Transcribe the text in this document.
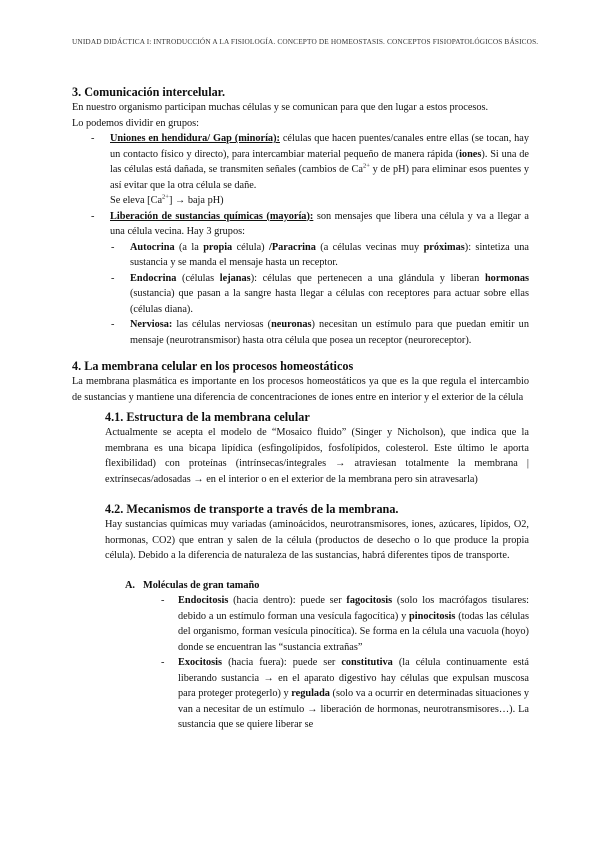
UNIDAD DIDÁCTICA I: INTRODUCCIÓN A LA FISIOLOGÍA. CONCEPTO DE HOMEOSTASIS. CONCEPTOS FISIOPATOLÓGICOS BÁSICOS.
3. Comunicación intercelular.

En nuestro organismo participan muchas células y se comunican para que den lugar a estos procesos.
Lo podemos dividir en grupos:

- Uniones en hendidura/ Gap (minoría): células que hacen puentes/canales entre ellas (se tocan, hay un contacto físico y directo), para intercambiar material pequeño de manera rápida (iones). Si una de las células está dañada, se transmiten señales (cambios de $Ca^{2+}$ y de pH) para eliminar esos puentes y así evitar que la otra célula se dañe.
Se eleva $[Ca^{2+}]$ → baja pH)
- Liberación de sustancias químicas (mayoría): son mensajes que libera una célula y va a llegar a una célula vecina. Hay 3 grupos:
- Autocrina (a la propia célula) /Paracrina (a células vecinas muy próximas): sintetiza una sustancia y se manda el mensaje hasta un receptor.
- Endocrina (células lejanas): células que pertenecen a una glándula y liberan hormonas (sustancia) que pasan a la sangre hasta llegar a células con receptores para actuar sobre ellas (células diana).
- Nerviosa: las células nerviosas (neuronas) necesitan un estímulo para que puedan emitir un mensaje (neurotransmisor) hasta otra célula que posea un receptor (neuroreceptor).
4. La membrana celular en los procesos homeostáticos

La membrana plasmática es importante en los procesos homeostáticos ya que es la que regula el intercambio de sustancias y mantiene una diferencia de concentraciones de iones entre en interior y el exterior de la célula

4.1. Estructura de la membrana celular

Actualmente se acepta el modelo de “Mosaico fluido” (Singer y Nicholson), que indica que la membrana es una bicapa lipídica (esfingolípidos, fosfolípidos, colesterol. Este último le aporta flexibilidad) con proteínas (intrínsecas/integrales → atraviesan totalmente la membrana | extrínsecas/adosadas → en el interior o en el exterior de la membrana pero sin atravesarla)

4.2. Mecanismos de transporte a través de la membrana.

Hay sustancias químicas muy variadas (aminoácidos, neurotransmisores, iones, azúcares, lípidos, O2, hormonas, CO2) que entran y salen de la célula (productos de desecho o lo que produce la propia célula). Debido a la diferencia de naturaleza de las sustancias, habrá diferentes tipos de transporte.

A. Moléculas de gran tamaño
- Endocitosis (hacia dentro): puede ser fagocitosis (solo los macrófagos tisulares: debido a un estímulo forman una vesícula fagocítica) y pinocitosis (todas las células del organismo, forman vesícula pinocítica). Se forma en la célula una vacuola (hoyo) donde se encuentran las “sustancia extrañas”
- Exocitosis (hacia fuera): puede ser constitutiva (la célula continuamente está liberando sustancia → en el aparato digestivo hay células que expulsan muscosa para proteger protegerlo) y regulada (solo va a ocurrir en determinadas situaciones y van a necesitar de un estímulo → liberación de hormonas, neurotransmisores…). La sustancia que se quiere liberar se
